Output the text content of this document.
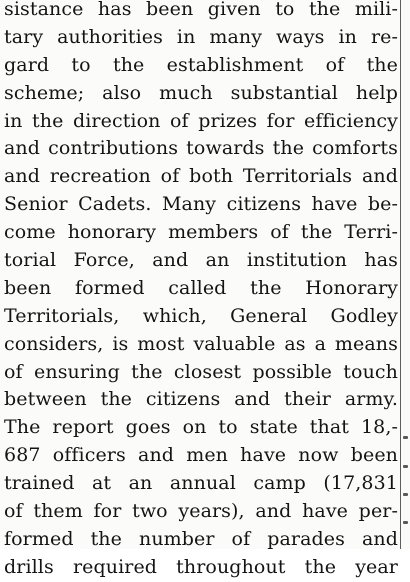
sistance has been given to the mili-
tary authorities in many ways in re-
gard to the establishment of the
scheme; also much substantial help
in the direction of prizes for efficiency
and contributions towards the comforts
and recreation of both Territorials and
Senior Cadets. Many citizens have be-
come honorary members of the Terri-
torial Force, and an institution has
been formed called the Honorary
Territorials, which, General Godley
considers, is most valuable as a means
of ensuring the closest possible touch
between the citizens and their army.
The report goes on to state that 18,-
687 officers and men have now been
trained at an annual camp (17,831
of them for two years), and have per-
formed the number of parades and
drills required throughout the year
